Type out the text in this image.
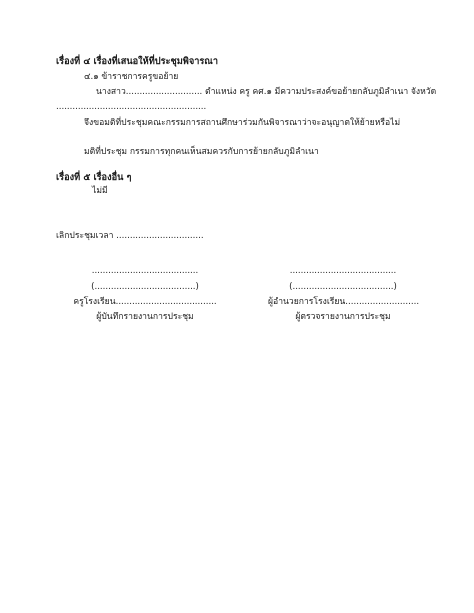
เรื่องที่ ๔ เรื่องที่เสนอให้ที่ประชุมพิจารณา
๔.๑ ข้าราชการครูขอย้าย
นางสาว............................ ตำแหน่ง ครู คศ.๑ มีความประสงค์ขอย้ายกลับภูมิลำเนา จังหวัด
.......................................................
จึงขอมติที่ประชุมคณะกรรมการสถานศึกษาร่วมกันพิจารณาว่าจะอนุญาตให้ย้ายหรือไม่
มติที่ประชุม กรรมการทุกคนเห็นสมควรกับการย้ายกลับภูมิลำเนา
เรื่องที่ ๕ เรื่องอื่น ๆ
ไม่มี
เลิกประชุมเวลา ................................
.......................................
(.....................................)
ครูโรงเรียน.....................................
ผู้บันทึกรายงานการประชุม
.......................................
(.....................................)
ผู้อำนวยการโรงเรียน...........................
ผู้ตรวจรายงานการประชุม
